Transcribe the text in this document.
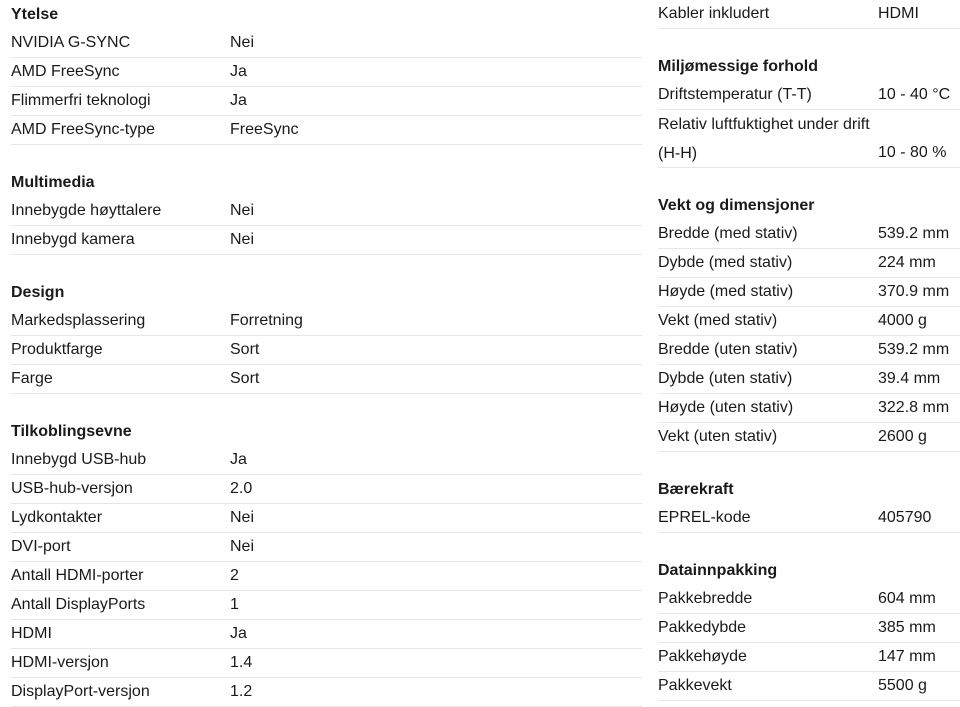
Ytelse
NVIDIA G-SYNC	Nei
AMD FreeSync	Ja
Flimmerfri teknologi	Ja
AMD FreeSync-type	FreeSync
Multimedia
Innebygde høyttalere	Nei
Innebygd kamera	Nei
Design
Markedsplassering	Forretning
Produktfarge	Sort
Farge	Sort
Tilkoblingsevne
Innebygd USB-hub	Ja
USB-hub-versjon	2.0
Lydkontakter	Nei
DVI-port	Nei
Antall HDMI-porter	2
Antall DisplayPorts	1
HDMI	Ja
HDMI-versjon	1.4
DisplayPort-versjon	1.2
Kabler inkludert	HDMI
Miljømessige forhold
Driftstemperatur (T-T)	10 - 40 °C
Relativ luftfuktighet under drift (H-H)	10 - 80 %
Vekt og dimensjoner
Bredde (med stativ)	539.2 mm
Dybde (med stativ)	224 mm
Høyde (med stativ)	370.9 mm
Vekt (med stativ)	4000 g
Bredde (uten stativ)	539.2 mm
Dybde (uten stativ)	39.4 mm
Høyde (uten stativ)	322.8 mm
Vekt (uten stativ)	2600 g
Bærekraft
EPREL-kode	405790
Datainnpakking
Pakkebredde	604 mm
Pakkedybde	385 mm
Pakkehøyde	147 mm
Pakkevekt	5500 g
